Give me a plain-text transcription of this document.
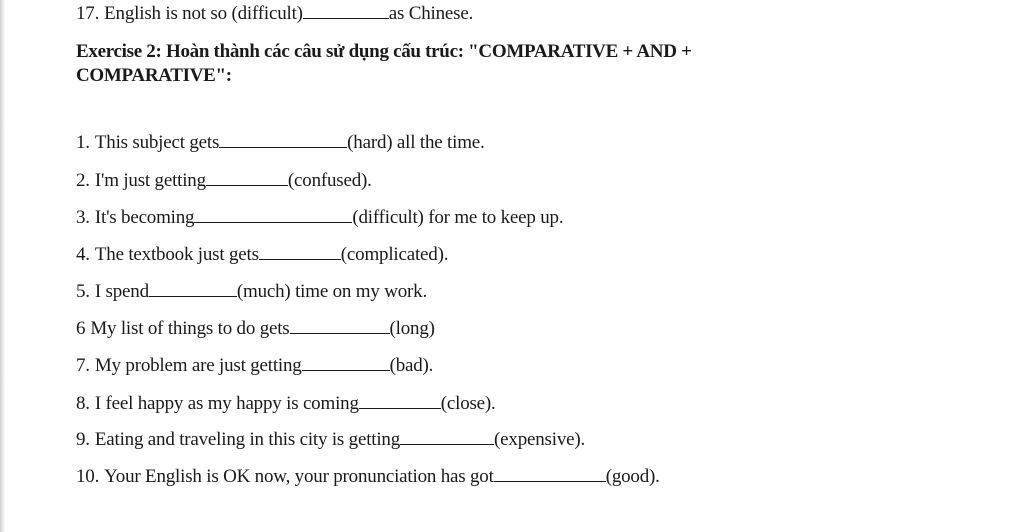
17. English is not so (difficult)	as Chinese.
Exercise 2: Hoàn thành các câu sử dụng cấu trúc: "COMPARATIVE + AND +
COMPARATIVE":
1. This subject gets	(hard) all the time.
2. I'm just getting	(confused).
3. It's becoming	(difficult) for me to keep up.
4. The textbook just gets	(complicated).
5. I spend	(much) time on my work.
6 My list of things to do gets	(long)
7. My problem are just getting	(bad).
8. I feel happy as my happy is coming	(close).
9. Eating and traveling in this city is getting	(expensive).
10. Your English is OK now, your pronunciation has got	(good).
